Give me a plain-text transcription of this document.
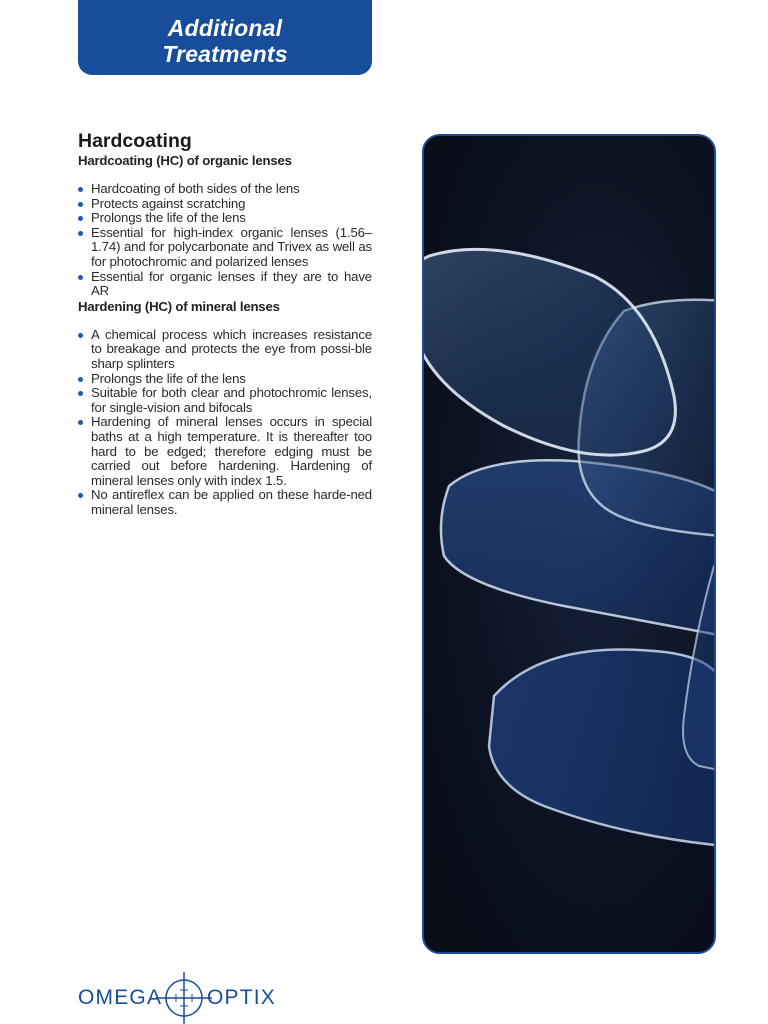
Additional
Treatments
Hardcoating
Hardcoating (HC) of organic lenses
Hardcoating of both sides of the lens
Protects against scratching
Prolongs the life of the lens
Essential for high-index organic lenses (1.56–1.74) and for polycarbonate and Trivex as well as for photochromic and polarized lenses
Essential for organic lenses if they are to have AR
Hardening (HC) of mineral lenses
A chemical process which increases resistance to breakage and protects the eye from possi-ble sharp splinters
Prolongs the life of the lens
Suitable for both clear and photochromic lenses, for single-vision and bifocals
Hardening of mineral lenses occurs in special baths at a high temperature. It is thereafter too hard to be edged; therefore edging must be carried out before hardening. Hardening of mineral lenses only with index 1.5.
No antireflex can be applied on these harde-ned mineral lenses.
OMEGA OPTIX
